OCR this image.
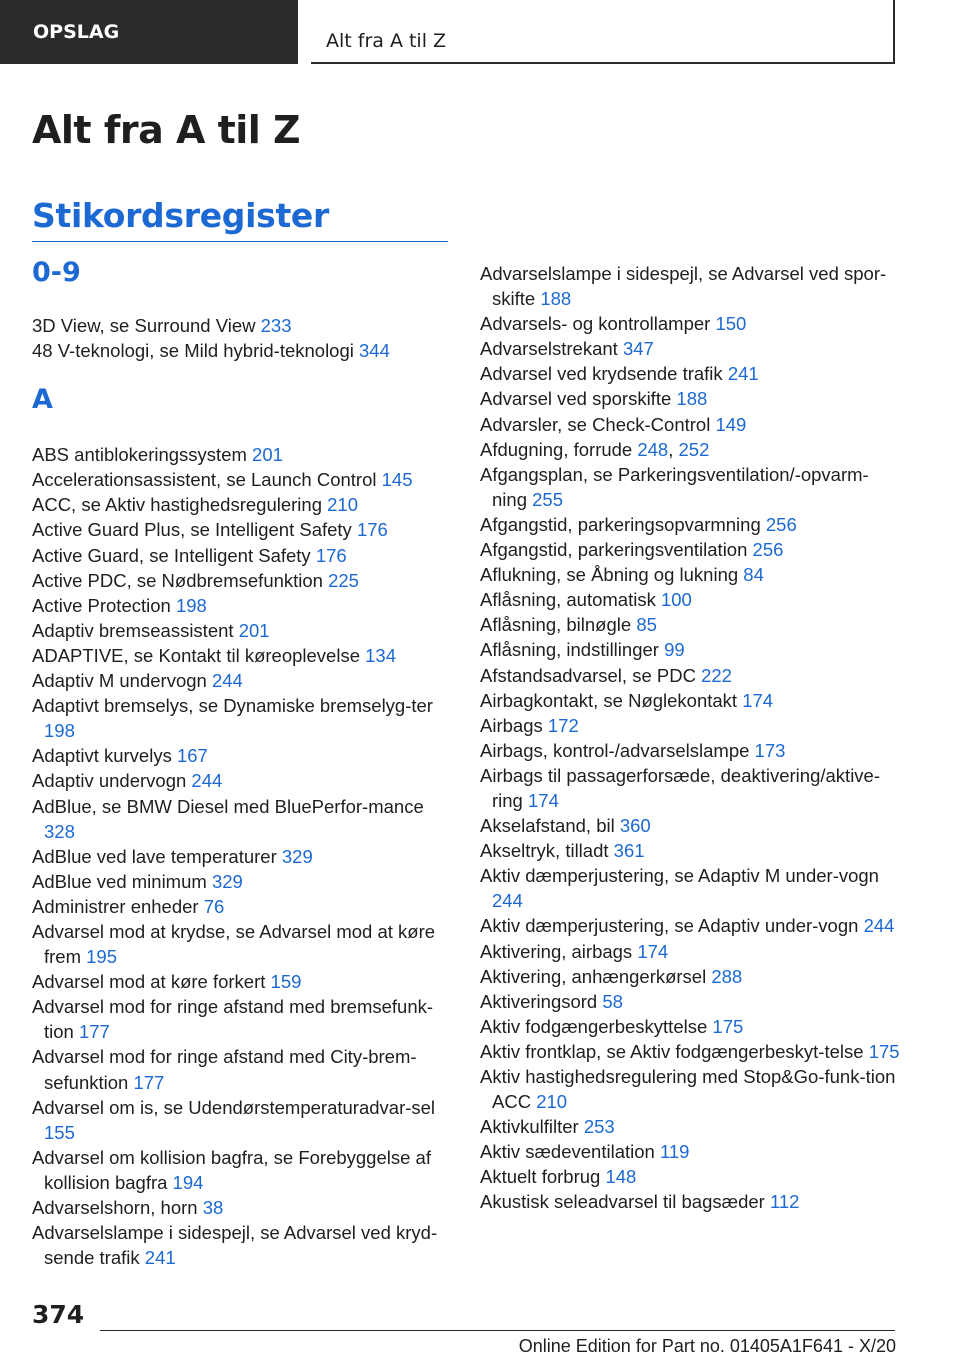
OPSLAG	Alt fra A til Z
Alt fra A til Z
Stikordsregister
0-9

3D View, se Surround View 233

48 V-teknologi, se Mild hybrid-teknologi 344

A

ABS antiblokeringssystem 201

Accelerationsassistent, se Launch Control 145

ACC, se Aktiv hastighedsregulering 210

Active Guard Plus, se Intelligent Safety 176

Active Guard, se Intelligent Safety 176

Active PDC, se Nødbremsefunktion 225

Active Protection 198

Adaptiv bremseassistent 201

ADAPTIVE, se Kontakt til køreoplevelse 134

Adaptiv M undervogn 244

Adaptivt bremselys, se Dynamiske bremselyg-ter 198

Adaptivt kurvelys 167

Adaptiv undervogn 244

AdBlue, se BMW Diesel med BluePerfor-mance 328

AdBlue ved lave temperaturer 329

AdBlue ved minimum 329

Administrer enheder 76

Advarsel mod at krydse, se Advarsel mod at køre frem 195

Advarsel mod at køre forkert 159

Advarsel mod for ringe afstand med bremsefunk-tion 177

Advarsel mod for ringe afstand med City-brem-sefunktion 177

Advarsel om is, se Udendørstemperaturadvar-sel 155

Advarsel om kollision bagfra, se Forebyggelse af kollision bagfra 194

Advarselshorn, horn 38

Advarselslampe i sidespejl, se Advarsel ved kryd-sende trafik 241

Advarselslampe i sidespejl, se Advarsel ved spor-skifte 188

Advarsels- og kontrollamper 150

Advarselstrekant 347

Advarsel ved krydsende trafik 241

Advarsel ved sporskifte 188

Advarsler, se Check-Control 149

Afdugning, forrude 248, 252

Afgangsplan, se Parkeringsventilation/-opvarm-ning 255

Afgangstid, parkeringsopvarmning 256

Afgangstid, parkeringsventilation 256

Aflukning, se Åbning og lukning 84

Aflåsning, automatisk 100

Aflåsning, bilnøgle 85

Aflåsning, indstillinger 99

Afstandsadvarsel, se PDC 222

Airbagkontakt, se Nøglekontakt 174

Airbags 172

Airbags, kontrol-/advarselslampe 173

Airbags til passagerforsæde, deaktivering/aktive-ring 174

Akselafstand, bil 360

Akseltryk, tilladt 361

Aktiv dæmperjustering, se Adaptiv M under-vogn 244

Aktiv dæmperjustering, se Adaptiv under-vogn 244

Aktivering, airbags 174

Aktivering, anhængerkørsel 288

Aktiveringsord 58

Aktiv fodgængerbeskyttelse 175

Aktiv frontklap, se Aktiv fodgængerbeskyt-telse 175

Aktiv hastighedsregulering med Stop&Go-funk-tion ACC 210

Aktivkulfilter 253

Aktiv sædeventilation 119

Aktuelt forbrug 148

Akustisk seleadvarsel til bagsæder 112

374
Online Edition for Part no. 01405A1F641 - X/20
